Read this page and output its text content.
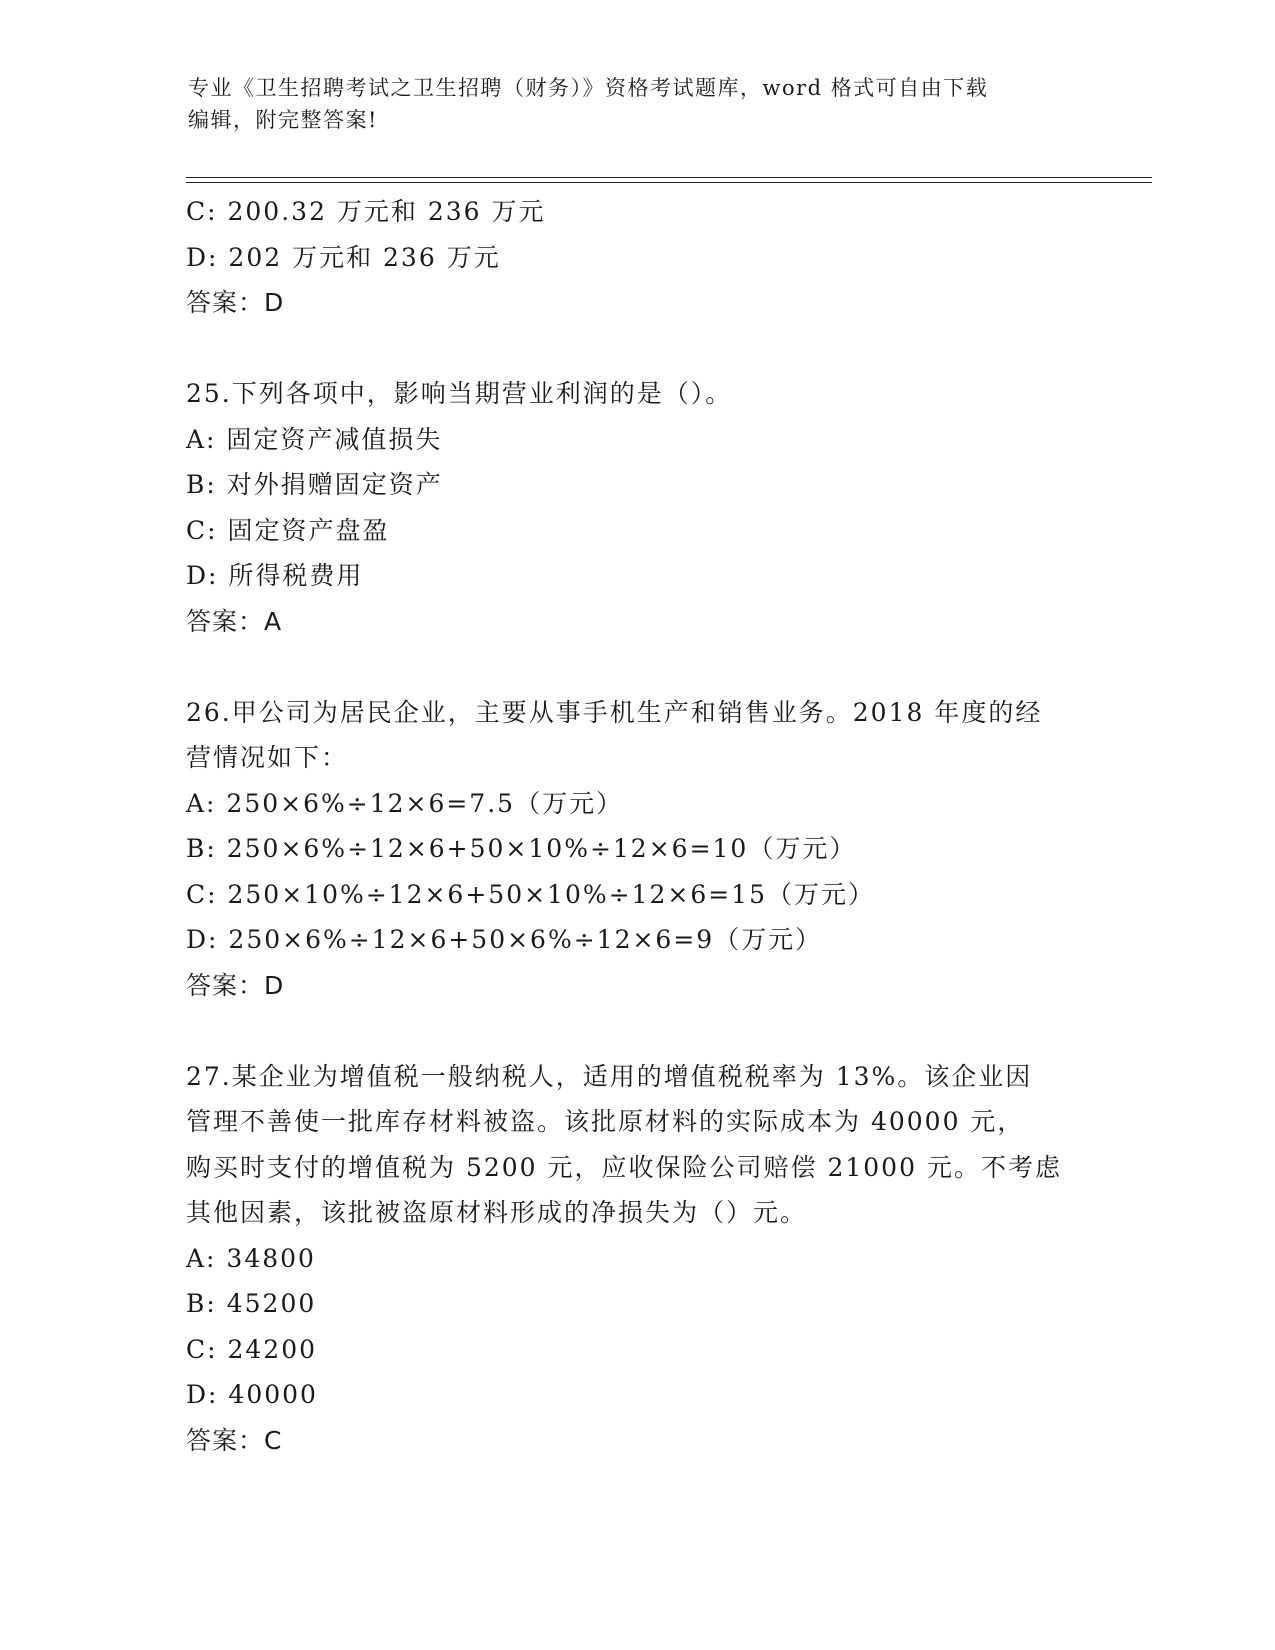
专业《卫生招聘考试之卫生招聘（财务）》资格考试题库，word 格式可自由下载
编辑，附完整答案!
C: 200.32 万元和 236 万元
D: 202 万元和 236 万元
答案：D
25.下列各项中，影响当期营业利润的是（）。
A: 固定资产减值损失
B: 对外捐赠固定资产
C: 固定资产盘盈
D: 所得税费用
答案：A
26.甲公司为居民企业，主要从事手机生产和销售业务。2018 年度的经
营情况如下：
A: 250×6%÷12×6=7.5（万元）
B: 250×6%÷12×6+50×10%÷12×6=10（万元）
C: 250×10%÷12×6+50×10%÷12×6=15（万元）
D: 250×6%÷12×6+50×6%÷12×6=9（万元）
答案：D
27.某企业为增值税一般纳税人，适用的增值税税率为 13%。该企业因
管理不善使一批库存材料被盗。该批原材料的实际成本为 40000 元，
购买时支付的增值税为 5200 元，应收保险公司赔偿 21000 元。不考虑
其他因素，该批被盗原材料形成的净损失为（）元。
A: 34800
B: 45200
C: 24200
D: 40000
答案：C
